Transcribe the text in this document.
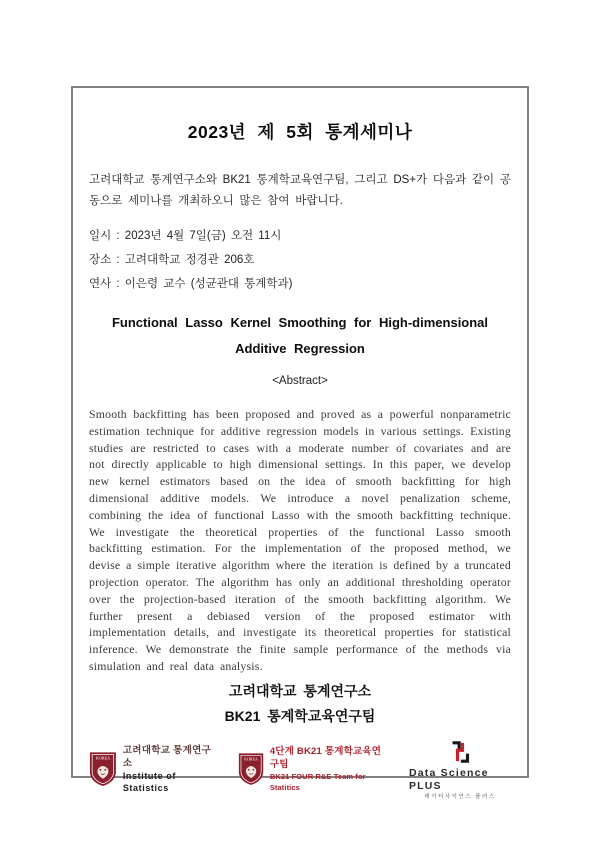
2023년 제 5회 통계세미나
고려대학교 통계연구소와 BK21 통계학교육연구팀, 그리고 DS+가 다음과 같이 공동으로 세미나를 개최하오니 많은 참여 바랍니다.
일시 : 2023년 4월 7일(금) 오전 11시
장소 : 고려대학교 정경관 206호
연사 : 이은령 교수 (성균관대 통계학과)
Functional Lasso Kernel Smoothing for High-dimensional Additive Regression
<Abstract>
Smooth backfitting has been proposed and proved as a powerful nonparametric estimation technique for additive regression models in various settings. Existing studies are restricted to cases with a moderate number of covariates and are not directly applicable to high dimensional settings. In this paper, we develop new kernel estimators based on the idea of smooth backfitting for high dimensional additive models. We introduce a novel penalization scheme, combining the idea of functional Lasso with the smooth backfitting technique. We investigate the theoretical properties of the functional Lasso smooth backfitting estimation. For the implementation of the proposed method, we devise a simple iterative algorithm where the iteration is defined by a truncated projection operator. The algorithm has only an additional thresholding operator over the projection-based iteration of the smooth backfitting algorithm. We further present a debiased version of the proposed estimator with implementation details, and investigate its theoretical properties for statistical inference. We demonstrate the finite sample performance of the methods via simulation and real data analysis.
고려대학교 통계연구소
BK21 통계학교육연구팀
KOREA
고려대학교 통계연구소
Institute of Statistics
KOREA
4단계 BK21 통계학교육연구팀
BK21 FOUR R&E Team for Statitics
Data Science PLUS
데이터사이언스 플러스
